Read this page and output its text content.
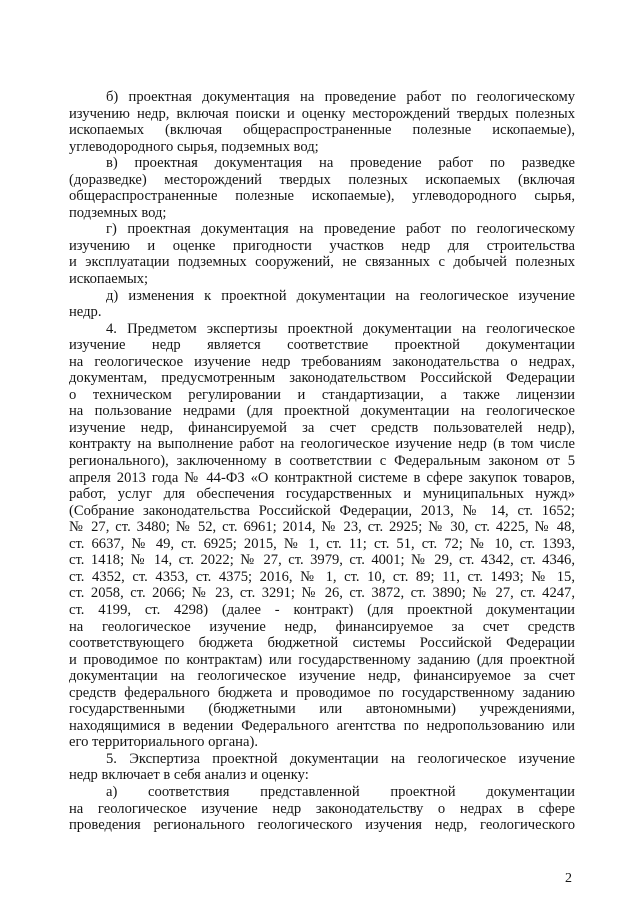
б) проектная документация на проведение работ по геологическому
изучению недр, включая поиски и оценку месторождений твердых полезных
ископаемых (включая общераспространенные полезные ископаемые),
углеводородного сырья, подземных вод;
в) проектная документация на проведение работ по разведке
(доразведке) месторождений твердых полезных ископаемых (включая
общераспространенные полезные ископаемые), углеводородного сырья,
подземных вод;
г) проектная документация на проведение работ по геологическому
изучению и оценке пригодности участков недр для строительства
и эксплуатации подземных сооружений, не связанных с добычей полезных
ископаемых;
д) изменения к проектной документации на геологическое изучение
недр.
4. Предметом экспертизы проектной документации на геологическое
изучение недр является соответствие проектной документации
на геологическое изучение недр требованиям законодательства о недрах,
документам, предусмотренным законодательством Российской Федерации
о техническом регулировании и стандартизации, а также лицензии
на пользование недрами (для проектной документации на геологическое
изучение недр, финансируемой за счет средств пользователей недр),
контракту на выполнение работ на геологическое изучение недр (в том числе
регионального), заключенному в соответствии с Федеральным законом от 5
апреля 2013 года № 44-ФЗ «О контрактной системе в сфере закупок товаров,
работ, услуг для обеспечения государственных и муниципальных нужд»
(Собрание законодательства Российской Федерации, 2013, № 14, ст. 1652;
№ 27, ст. 3480; № 52, ст. 6961; 2014, № 23, ст. 2925; № 30, ст. 4225, № 48,
ст. 6637, № 49, ст. 6925; 2015, № 1, ст. 11; ст. 51, ст. 72; № 10, ст. 1393,
ст. 1418; № 14, ст. 2022; № 27, ст. 3979, ст. 4001; № 29, ст. 4342, ст. 4346,
ст. 4352, ст. 4353, ст. 4375; 2016, № 1, ст. 10, ст. 89; 11, ст. 1493; № 15,
ст. 2058, ст. 2066; № 23, ст. 3291; № 26, ст. 3872, ст. 3890; № 27, ст. 4247,
ст. 4199, ст. 4298) (далее - контракт) (для проектной документации
на геологическое изучение недр, финансируемое за счет средств
соответствующего бюджета бюджетной системы Российской Федерации
и проводимое по контрактам) или государственному заданию (для проектной
документации на геологическое изучение недр, финансируемое за счет
средств федерального бюджета и проводимое по государственному заданию
государственными (бюджетными или автономными) учреждениями,
находящимися в ведении Федерального агентства по недропользованию или
его территориального органа).
5. Экспертиза проектной документации на геологическое изучение
недр включает в себя анализ и оценку:
а) соответствия представленной проектной документации
на геологическое изучение недр законодательству о недрах в сфере
проведения регионального геологического изучения недр, геологического
2
